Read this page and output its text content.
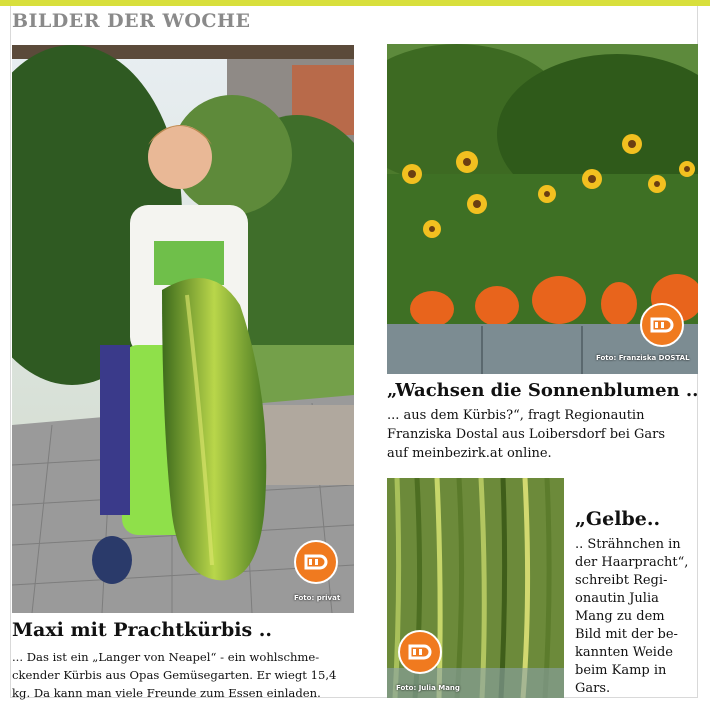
BILDER DER WOCHE
Foto: privat
Foto: Franziska DOSTAL
Foto: Julia Mang
Maxi mit Prachtkürbis ..
... Das ist ein „Langer von Neapel“ - ein wohlschme-
ckender Kürbis aus Opas Gemüsegarten. Er wiegt 15,4
kg. Da kann man viele Freunde zum Essen einladen.
„Wachsen die Sonnenblumen ..
... aus dem Kürbis?“, fragt Regionautin
Franziska Dostal aus Loibersdorf bei Gars
auf meinbezirk.at online.
„Gelbe..
.. Strähnchen in
der Haarpracht“,
schreibt Regi-
onautin Julia
Mang zu dem
Bild mit der be-
kannten Weide
beim Kamp in
Gars.
